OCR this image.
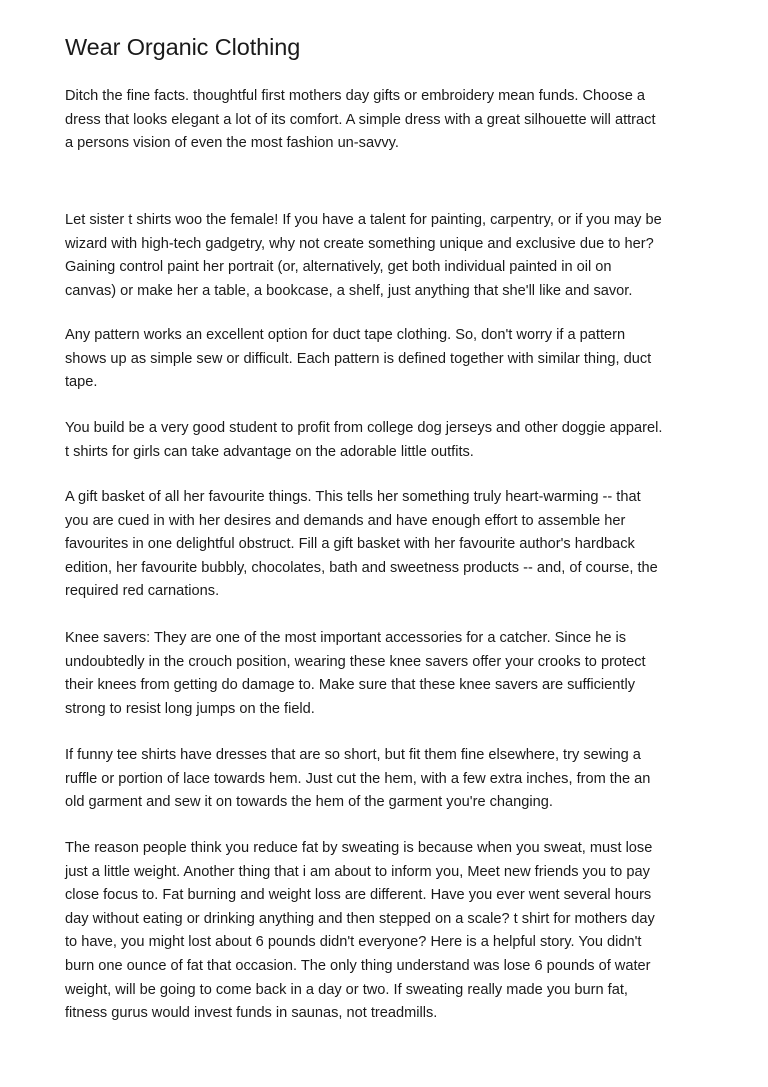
Wear Organic Clothing

Ditch the fine facts. thoughtful first mothers day gifts or embroidery mean funds. Choose a
dress that looks elegant a lot of its comfort. A simple dress with a great silhouette will attract
a persons vision of even the most fashion un-savvy.

Let sister t shirts woo the female! If you have a talent for painting, carpentry, or if you may be
wizard with high-tech gadgetry, why not create something unique and exclusive due to her?
Gaining control paint her portrait (or, alternatively, get both individual painted in oil on
canvas) or make her a table, a bookcase, a shelf, just anything that she'll like and savor.

Any pattern works an excellent option for duct tape clothing. So, don't worry if a pattern
shows up as simple sew or difficult. Each pattern is defined together with similar thing, duct
tape.

You build be a very good student to profit from college dog jerseys and other doggie apparel.
t shirts for girls can take advantage on the adorable little outfits.

A gift basket of all her favourite things. This tells her something truly heart-warming -- that
you are cued in with her desires and demands and have enough effort to assemble her
favourites in one delightful obstruct. Fill a gift basket with her favourite author's hardback
edition, her favourite bubbly, chocolates, bath and sweetness products -- and, of course, the
required red carnations.

Knee savers: They are one of the most important accessories for a catcher. Since he is
undoubtedly in the crouch position, wearing these knee savers offer your crooks to protect
their knees from getting do damage to. Make sure that these knee savers are sufficiently
strong to resist long jumps on the field.

If funny tee shirts have dresses that are so short, but fit them fine elsewhere, try sewing a
ruffle or portion of lace towards hem. Just cut the hem, with a few extra inches, from the an
old garment and sew it on towards the hem of the garment you're changing.

The reason people think you reduce fat by sweating is because when you sweat, must lose
just a little weight. Another thing that i am about to inform you, Meet new friends you to pay
close focus to. Fat burning and weight loss are different. Have you ever went several hours
day without eating or drinking anything and then stepped on a scale? t shirt for mothers day
to have, you might lost about 6 pounds didn't everyone? Here is a helpful story. You didn't
burn one ounce of fat that occasion. The only thing understand was lose 6 pounds of water
weight, will be going to come back in a day or two. If sweating really made you burn fat,
fitness gurus would invest funds in saunas, not treadmills.
